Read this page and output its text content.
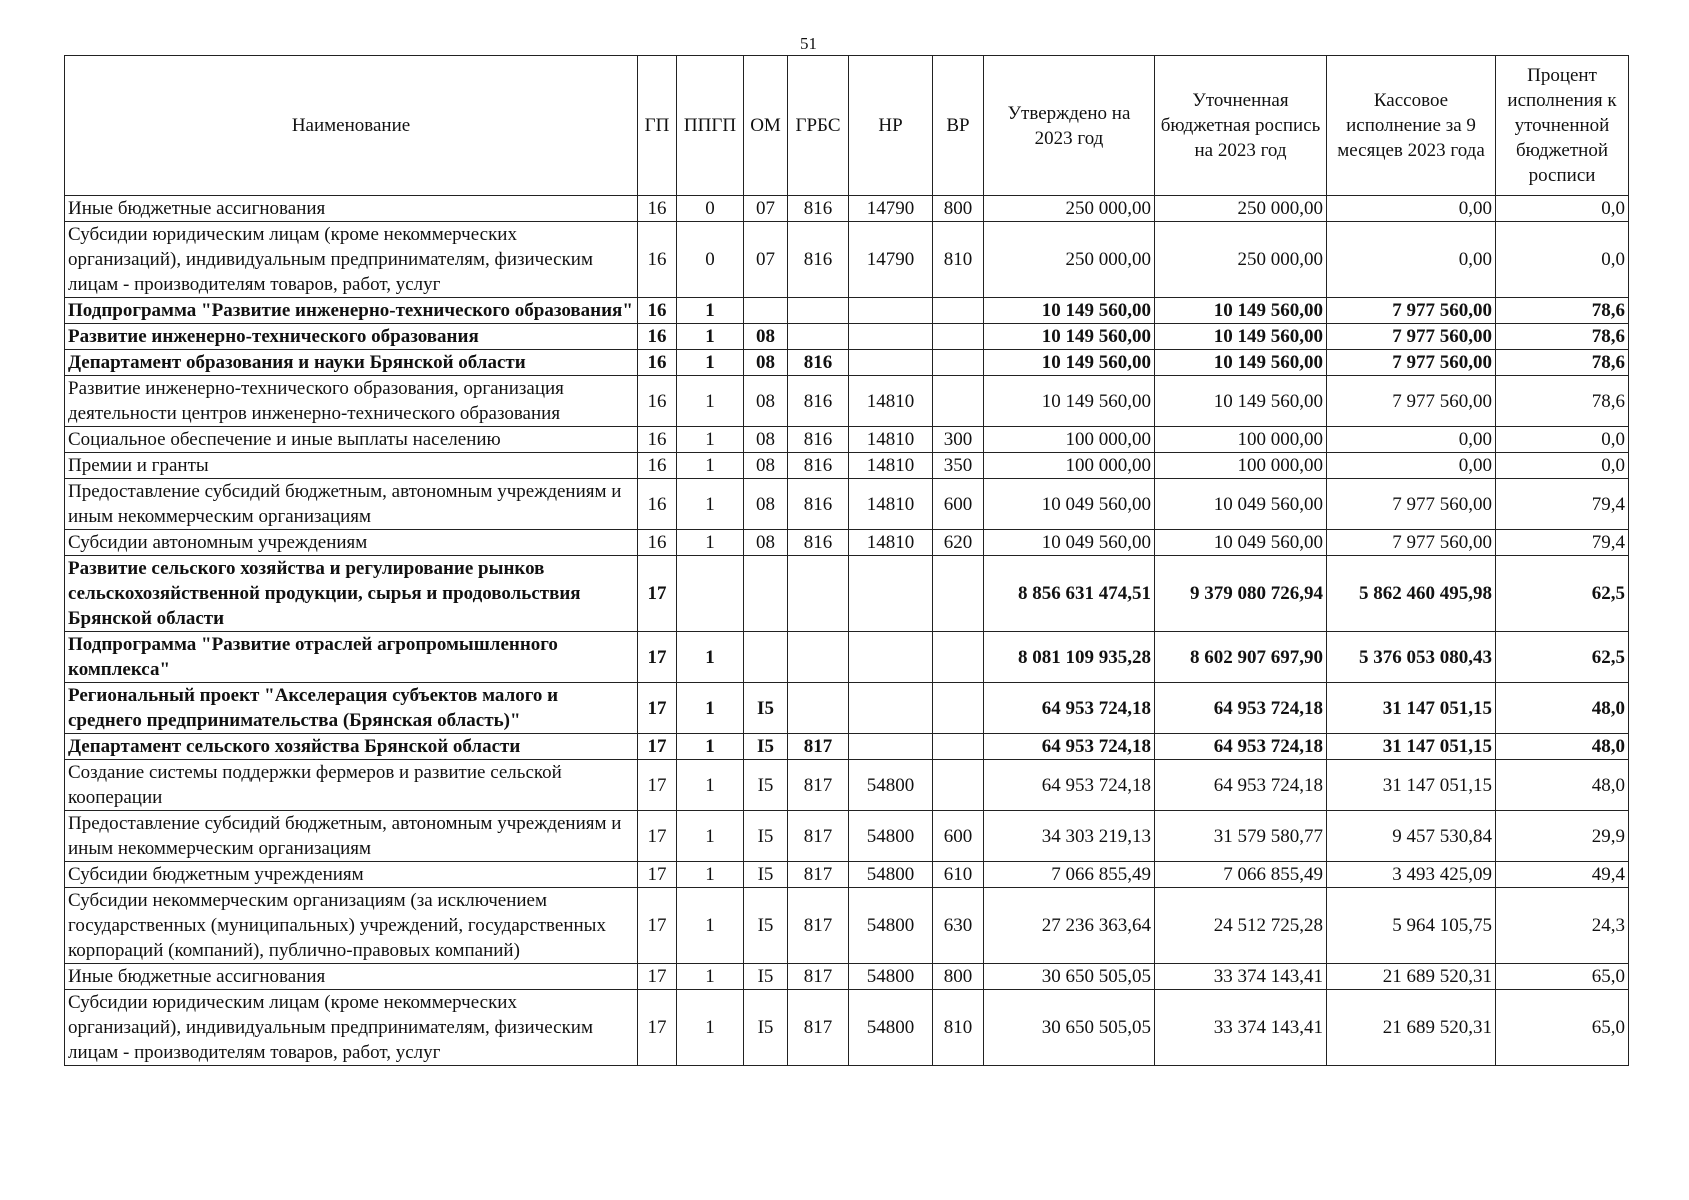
51
Наименование	ГП	ППГП	ОМ	ГРБС	НР	ВР	Утверждено на 2023 год	Уточненная бюджетная роспись на 2023 год	Кассовое исполнение за 9 месяцев 2023 года	Процент исполнения к уточненной бюджетной росписи
Иные бюджетные ассигнования	16	0	07	816	14790	800	250 000,00	250 000,00	0,00	0,0
Субсидии юридическим лицам (кроме некоммерческих организаций), индивидуальным предпринимателям, физическим лицам - производителям товаров, работ, услуг	16	0	07	816	14790	810	250 000,00	250 000,00	0,00	0,0
Подпрограмма "Развитие инженерно-технического образования"	16	1					10 149 560,00	10 149 560,00	7 977 560,00	78,6
Развитие инженерно-технического образования	16	1	08				10 149 560,00	10 149 560,00	7 977 560,00	78,6
Департамент образования и науки Брянской области	16	1	08	816			10 149 560,00	10 149 560,00	7 977 560,00	78,6
Развитие инженерно-технического образования, организация деятельности центров инженерно-технического образования	16	1	08	816	14810		10 149 560,00	10 149 560,00	7 977 560,00	78,6
Социальное обеспечение и иные выплаты населению	16	1	08	816	14810	300	100 000,00	100 000,00	0,00	0,0
Премии и гранты	16	1	08	816	14810	350	100 000,00	100 000,00	0,00	0,0
Предоставление субсидий бюджетным, автономным учреждениям и иным некоммерческим организациям	16	1	08	816	14810	600	10 049 560,00	10 049 560,00	7 977 560,00	79,4
Субсидии автономным учреждениям	16	1	08	816	14810	620	10 049 560,00	10 049 560,00	7 977 560,00	79,4
Развитие сельского хозяйства и регулирование рынков сельскохозяйственной продукции, сырья и продовольствия Брянской области	17						8 856 631 474,51	9 379 080 726,94	5 862 460 495,98	62,5
Подпрограмма "Развитие отраслей агропромышленного комплекса"	17	1					8 081 109 935,28	8 602 907 697,90	5 376 053 080,43	62,5
Региональный проект "Акселерация субъектов малого и среднего предпринимательства (Брянская область)"	17	1	I5				64 953 724,18	64 953 724,18	31 147 051,15	48,0
Департамент сельского хозяйства Брянской области	17	1	I5	817			64 953 724,18	64 953 724,18	31 147 051,15	48,0
Создание системы поддержки фермеров и развитие сельской кооперации	17	1	I5	817	54800		64 953 724,18	64 953 724,18	31 147 051,15	48,0
Предоставление субсидий бюджетным, автономным учреждениям и иным некоммерческим организациям	17	1	I5	817	54800	600	34 303 219,13	31 579 580,77	9 457 530,84	29,9
Субсидии бюджетным учреждениям	17	1	I5	817	54800	610	7 066 855,49	7 066 855,49	3 493 425,09	49,4
Субсидии некоммерческим организациям (за исключением государственных (муниципальных) учреждений, государственных корпораций (компаний), публично-правовых компаний)	17	1	I5	817	54800	630	27 236 363,64	24 512 725,28	5 964 105,75	24,3
Иные бюджетные ассигнования	17	1	I5	817	54800	800	30 650 505,05	33 374 143,41	21 689 520,31	65,0
Субсидии юридическим лицам (кроме некоммерческих организаций), индивидуальным предпринимателям, физическим лицам - производителям товаров, работ, услуг	17	1	I5	817	54800	810	30 650 505,05	33 374 143,41	21 689 520,31	65,0
